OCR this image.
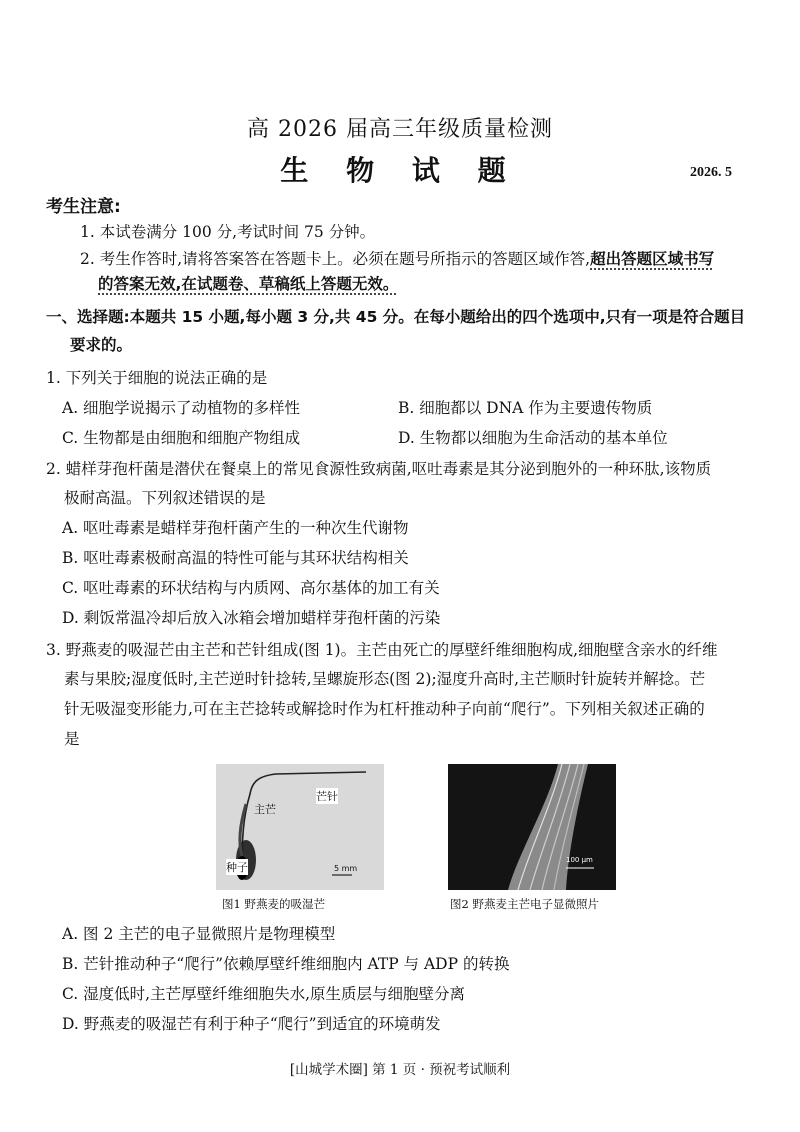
高 2026 届高三年级质量检测
生 物 试 题	2026. 5
考生注意:
1. 本试卷满分 100 分,考试时间 75 分钟。
2. 考生作答时,请将答案答在答题卡上。必须在题号所指示的答题区域作答,超出答题区域书写
的答案无效,在试题卷、草稿纸上答题无效。
一、选择题:本题共 15 小题,每小题 3 分,共 45 分。在每小题给出的四个选项中,只有一项是符合题目
要求的。
1. 下列关于细胞的说法正确的是
A. 细胞学说揭示了动植物的多样性	B. 细胞都以 DNA 作为主要遗传物质
C. 生物都是由细胞和细胞产物组成	D. 生物都以细胞为生命活动的基本单位
2. 蜡样芽孢杆菌是潜伏在餐桌上的常见食源性致病菌,呕吐毒素是其分泌到胞外的一种环肽,该物质
极耐高温。下列叙述错误的是
A. 呕吐毒素是蜡样芽孢杆菌产生的一种次生代谢物
B. 呕吐毒素极耐高温的特性可能与其环状结构相关
C. 呕吐毒素的环状结构与内质网、高尔基体的加工有关
D. 剩饭常温冷却后放入冰箱会增加蜡样芽孢杆菌的污染
3. 野燕麦的吸湿芒由主芒和芒针组成(图 1)。主芒由死亡的厚壁纤维细胞构成,细胞壁含亲水的纤维
素与果胶;湿度低时,主芒逆时针捻转,呈螺旋形态(图 2);湿度升高时,主芒顺时针旋转并解捻。芒
针无吸湿变形能力,可在主芒捻转或解捻时作为杠杆推动种子向前“爬行”。下列相关叙述正确的
是
芒针
主芒
种子	5 mm
图1 野燕麦的吸湿芒
100 μm
图2 野燕麦主芒电子显微照片
A. 图 2 主芒的电子显微照片是物理模型
B. 芒针推动种子“爬行”依赖厚壁纤维细胞内 ATP 与 ADP 的转换
C. 湿度低时,主芒厚壁纤维细胞失水,原生质层与细胞壁分离
D. 野燕麦的吸湿芒有利于种子“爬行”到适宜的环境萌发
[山城学术圈] 第 1 页 · 预祝考试顺利
